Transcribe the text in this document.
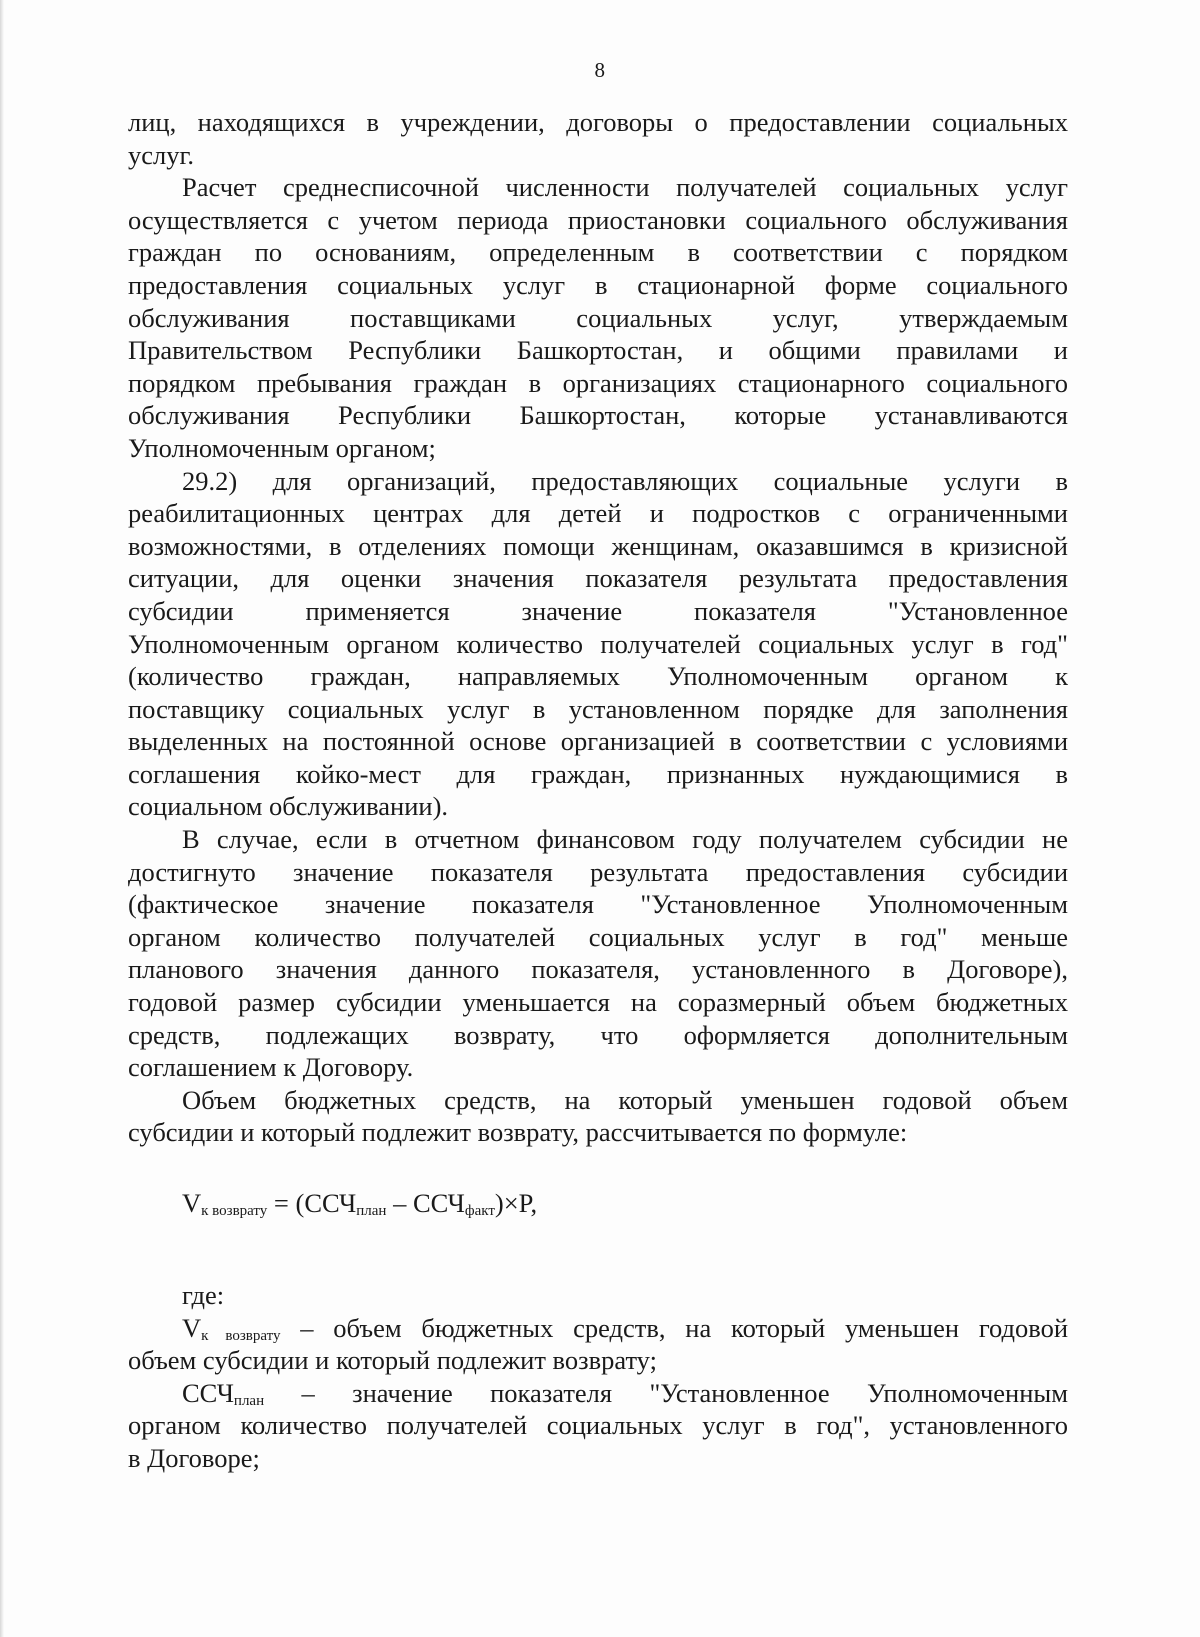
8
лиц, находящихся в учреждении, договоры о предоставлении социальных
услуг.
Расчет среднесписочной численности получателей социальных услуг
осуществляется с учетом периода приостановки социального обслуживания
граждан по основаниям, определенным в соответствии с порядком
предоставления социальных услуг в стационарной форме социального
обслуживания поставщиками социальных услуг, утверждаемым
Правительством Республики Башкортостан, и общими правилами и
порядком пребывания граждан в организациях стационарного социального
обслуживания Республики Башкортостан, которые устанавливаются
Уполномоченным органом;
29.2) для организаций, предоставляющих социальные услуги в
реабилитационных центрах для детей и подростков с ограниченными
возможностями, в отделениях помощи женщинам, оказавшимся в кризисной
ситуации, для оценки значения показателя результата предоставления
субсидии применяется значение показателя "Установленное
Уполномоченным органом количество получателей социальных услуг в год"
(количество граждан, направляемых Уполномоченным органом к
поставщику социальных услуг в установленном порядке для заполнения
выделенных на постоянной основе организацией в соответствии с условиями
соглашения койко-мест для граждан, признанных нуждающимися в
социальном обслуживании).
В случае, если в отчетном финансовом году получателем субсидии не
достигнуто значение показателя результата предоставления субсидии
(фактическое значение показателя "Установленное Уполномоченным
органом количество получателей социальных услуг в год" меньше
планового значения данного показателя, установленного в Договоре),
годовой размер субсидии уменьшается на соразмерный объем бюджетных
средств, подлежащих возврату, что оформляется дополнительным
соглашением к Договору.
Объем бюджетных средств, на который уменьшен годовой объем
субсидии и который подлежит возврату, рассчитывается по формуле:
$V_{к возврату} = (ССЧ_{план} - ССЧ_{факт})\times P$,
где:
$V_{к возврату}$ – объем бюджетных средств, на который уменьшен годовой
объем субсидии и который подлежит возврату;
$ССЧ_{план}$ – значение показателя "Установленное Уполномоченным
органом количество получателей социальных услуг в год", установленного
в Договоре;
